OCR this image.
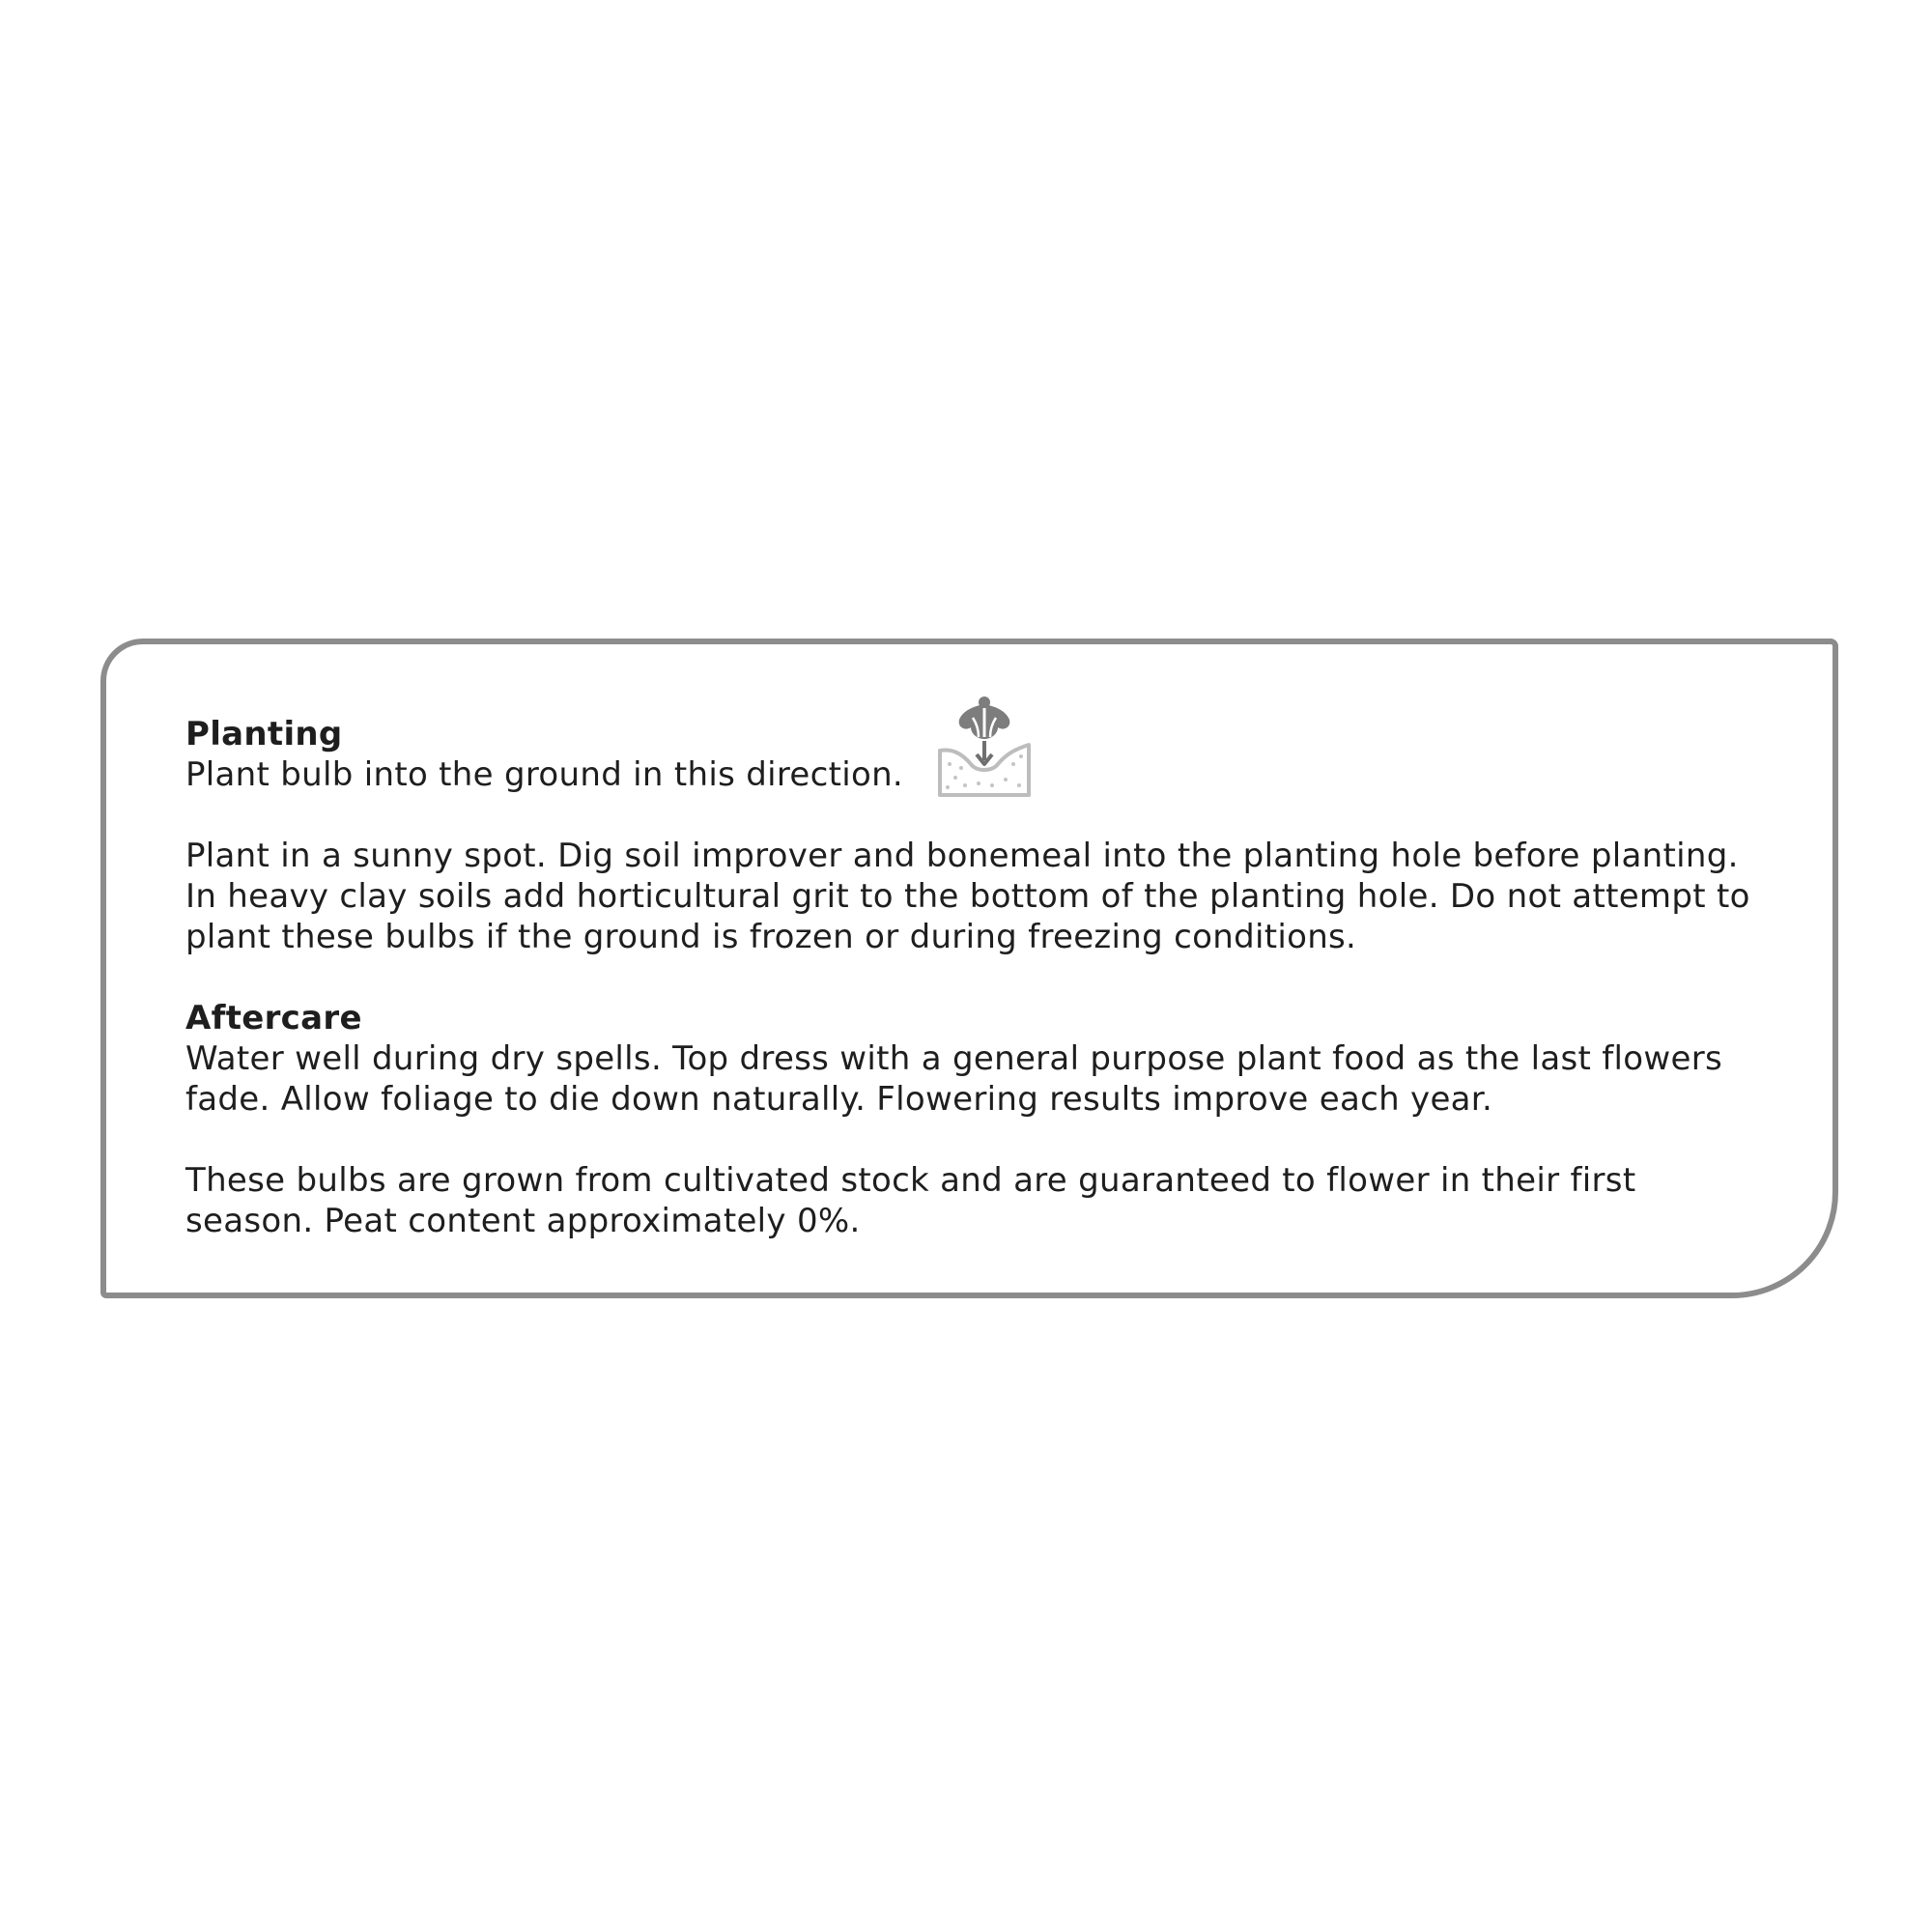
Planting

Plant bulb into the ground in this direction.

Plant in a sunny spot. Dig soil improver and bonemeal into the planting hole before planting. In heavy clay soils add horticultural grit to the bottom of the planting hole. Do not attempt to plant these bulbs if the ground is frozen or during freezing conditions.

Aftercare

Water well during dry spells. Top dress with a general purpose plant food as the last flowers fade. Allow foliage to die down naturally. Flowering results improve each year.

These bulbs are grown from cultivated stock and are guaranteed to flower in their first season. Peat content approximately 0%.
